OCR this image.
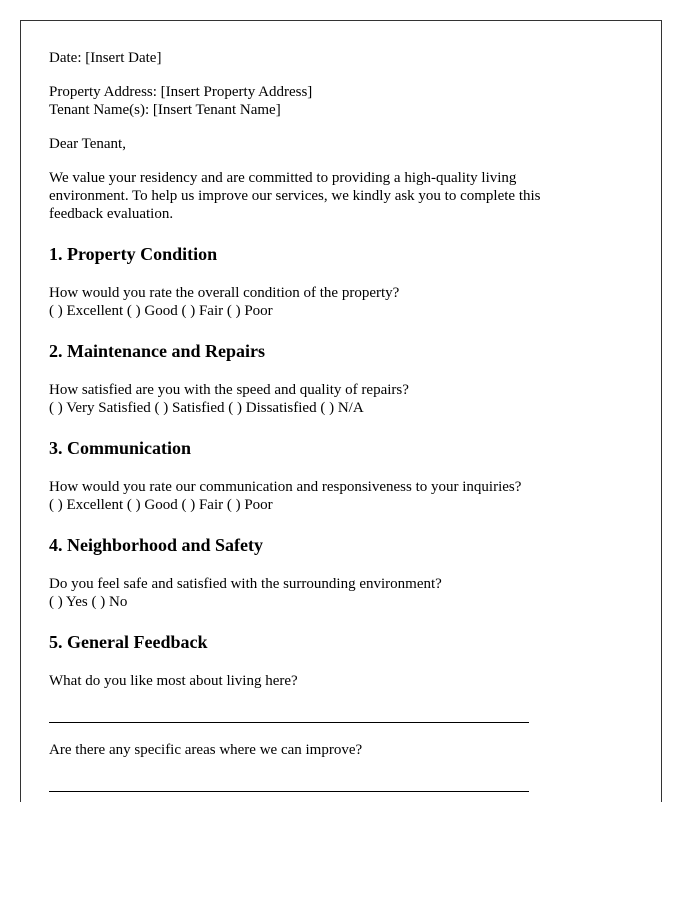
Date: [Insert Date]

Property Address: [Insert Property Address]

Tenant Name(s): [Insert Tenant Name]

Dear Tenant,

We value your residency and are committed to providing a high-quality living environment. To help us improve our services, we kindly ask you to complete this feedback evaluation.

1. Property Condition

How would you rate the overall condition of the property?

( ) Excellent ( ) Good ( ) Fair ( ) Poor

2. Maintenance and Repairs

How satisfied are you with the speed and quality of repairs?

( ) Very Satisfied ( ) Satisfied ( ) Dissatisfied ( ) N/A

3. Communication

How would you rate our communication and responsiveness to your inquiries?

( ) Excellent ( ) Good ( ) Fair ( ) Poor

4. Neighborhood and Safety

Do you feel safe and satisfied with the surrounding environment?

( ) Yes ( ) No

5. General Feedback

What do you like most about living here?

Are there any specific areas where we can improve?
